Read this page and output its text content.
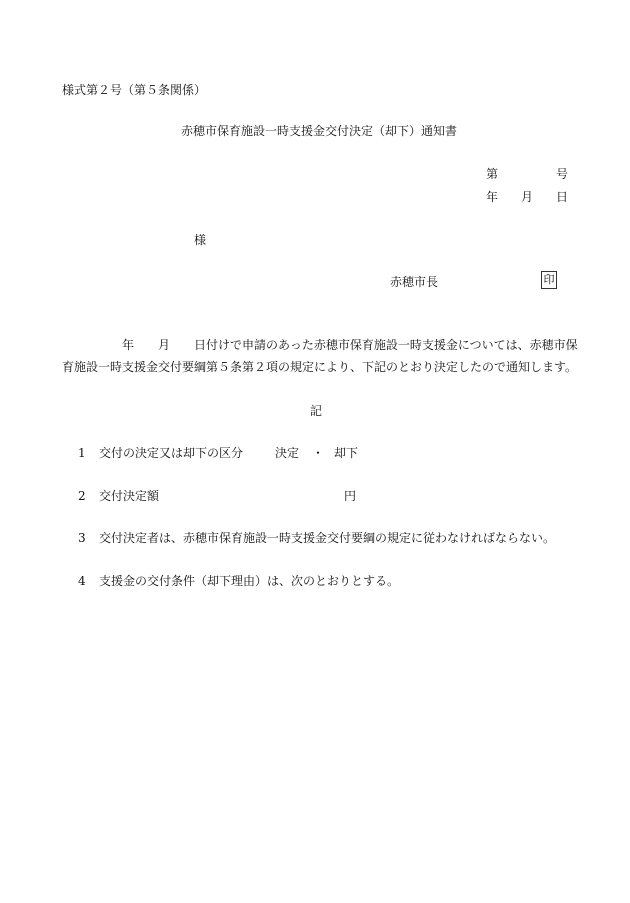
様式第２号（第５条関係）
赤穂市保育施設一時支援金交付決定（却下）通知書
第	号
年 月 日
様
赤穂市長	印
年 月 日付けで申請のあった赤穂市保育施設一時支援金については、赤穂市保
育施設一時支援金交付要綱第５条第２項の規定により、下記のとおり決定したので通知します。
記
1 交付の決定又は却下の区分	決定 ・ 却下
2 交付決定額	円
3 交付決定者は、赤穂市保育施設一時支援金交付要綱の規定に従わなければならない。
4 支援金の交付条件（却下理由）は、次のとおりとする。
